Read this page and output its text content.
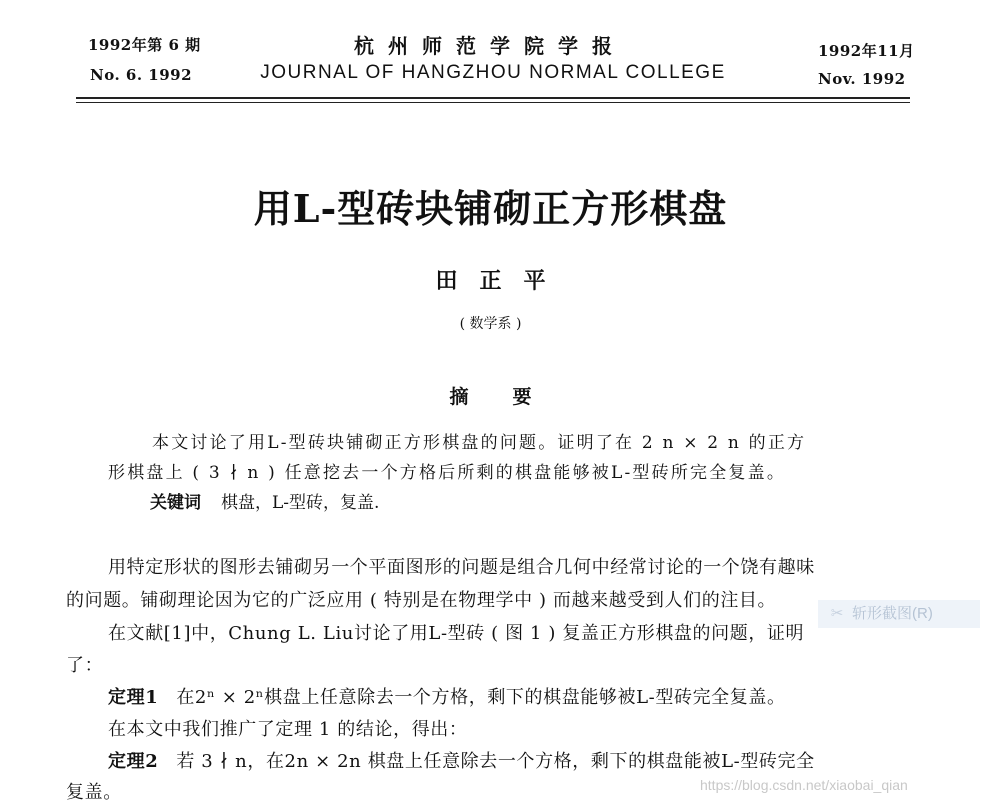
1992年第 6 期
No. 6. 1992
杭州师范学院学报
JOURNAL OF HANGZHOU NORMAL COLLEGE
1992年11月
Nov. 1992
用L-型砖块铺砌正方形棋盘
田正平
( 数学系 )
摘要
本文讨论了用L-型砖块铺砌正方形棋盘的问题。证明了在 2 n × 2 n 的正方
形棋盘上 ( 3 ∤ n ) 任意挖去一个方格后所剩的棋盘能够被L-型砖所完全复盖。
关键词 棋盘，L-型砖，复盖.
用特定形状的图形去铺砌另一个平面图形的问题是组合几何中经常讨论的一个饶有趣味
的问题。铺砌理论因为它的广泛应用 ( 特别是在物理学中 ) 而越来越受到人们的注目。
在文献[1]中，Chung L. Liu讨论了用L-型砖 ( 图 1 ) 复盖正方形棋盘的问题，证明
了：
定理1 在2ⁿ × 2ⁿ棋盘上任意除去一个方格，剩下的棋盘能够被L-型砖完全复盖。
在本文中我们推广了定理 1 的结论，得出：
定理2 若 3 ∤ n，在2n × 2n 棋盘上任意除去一个方格，剩下的棋盘能被L-型砖完全
复盖。
✂ 斩形截图(R)
https://blog.csdn.net/xiaobai_qian
